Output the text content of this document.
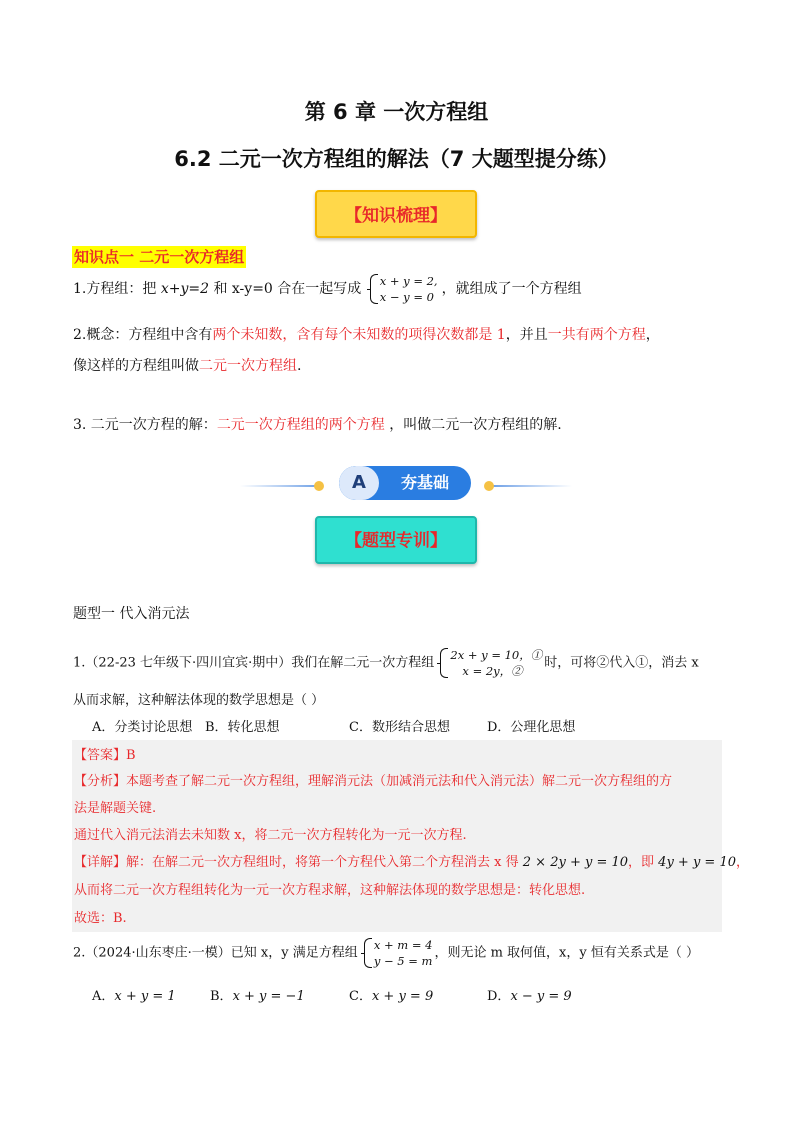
第 6 章 一次方程组
6.2 二元一次方程组的解法（7 大题型提分练）
【知识梳理】
知识点一 二元一次方程组
1.方程组：把 x+y=2 和 x-y=0 合在一起写成 x + y = 2,
x − y = 0 ，就组成了一个方程组
2.概念：方程组中含有两个未知数，含有每个未知数的项得次数都是 1，并且一共有两个方程，
像这样的方程组叫做二元一次方程组.
3. 二元一次方程的解：二元一次方程组的两个方程 ，叫做二元一次方程组的解.
A	夯基础
【题型专训】
题型一 代入消元法
1.（22-23 七年级下·四川宜宾·期中）我们在解二元一次方程组
2x + y = 10，①
x = 2y，②
时，可将②代入①，消去 x
从而求解，这种解法体现的数学思想是（ ）
A．分类讨论思想 B．转化思想	C．数形结合思想	D．公理化思想
【答案】B
【分析】本题考查了解二元一次方程组，理解消元法（加减消元法和代入消元法）解二元一次方程组的方
法是解题关键.
通过代入消元法消去未知数 x，将二元一次方程转化为一元一次方程.
【详解】解：在解二元一次方程组时，将第一个方程代入第二个方程消去 x 得 2 × 2y + y = 10，即 4y + y = 10，
从而将二元一次方程组转化为一元一次方程求解，这种解法体现的数学思想是：转化思想.
故选：B.
2.（2024·山东枣庄·一模）已知 x，y 满足方程组
x + m = 4
y − 5 = m
，则无论 m 取何值，x，y 恒有关系式是（ ）
A．x + y = 1	B．x + y = −1	C．x + y = 9	D．x − y = 9
